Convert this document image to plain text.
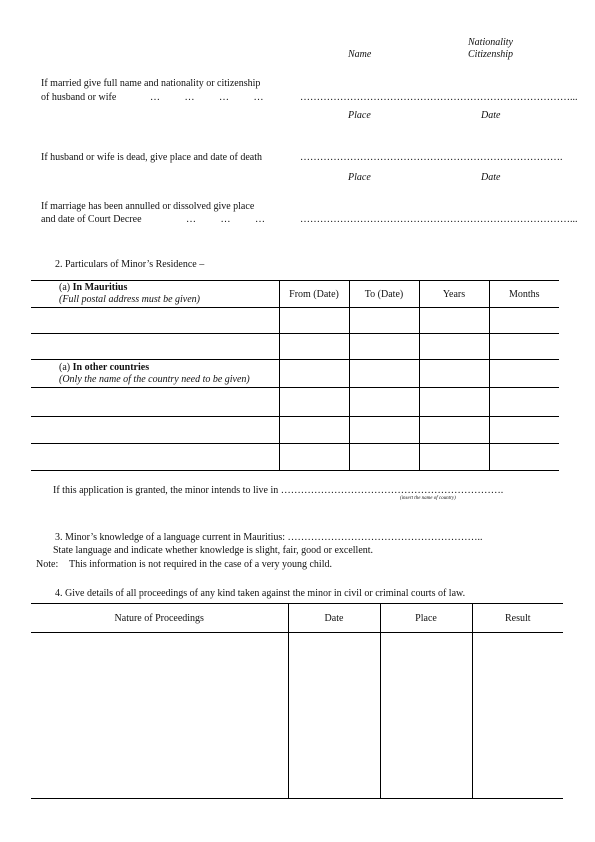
Nationality
Name	Citizenship
If married give full name and nationality or citizenship
of husband or wife	… … … …	………………………………………………………………………...
Place	Date
If husband or wife is dead, give place and date of death	…………………………………………………………………….
Place	Date
If marriage has been annulled or dissolved give place
and date of Court Decree	… … …	………………………………………………………………………...
2. Particulars of Minor’s Residence –
(a) In Mauritius
(Full postal address must be given)	From (Date)	To (Date)	Years	Months

(a) In other countries
(Only the name of the country need to be given)				

If this application is granted, the minor intends to live in ………………………………………………………….
(insert the name of country)
3. Minor’s knowledge of a language current in Mauritius: …………………………………………………..
State language and indicate whether knowledge is slight, fair, good or excellent.
Note: This information is not required in the case of a very young child.
4. Give details of all proceedings of any kind taken against the minor in civil or criminal courts of law.
Nature of Proceedings	Date	Place	Result
